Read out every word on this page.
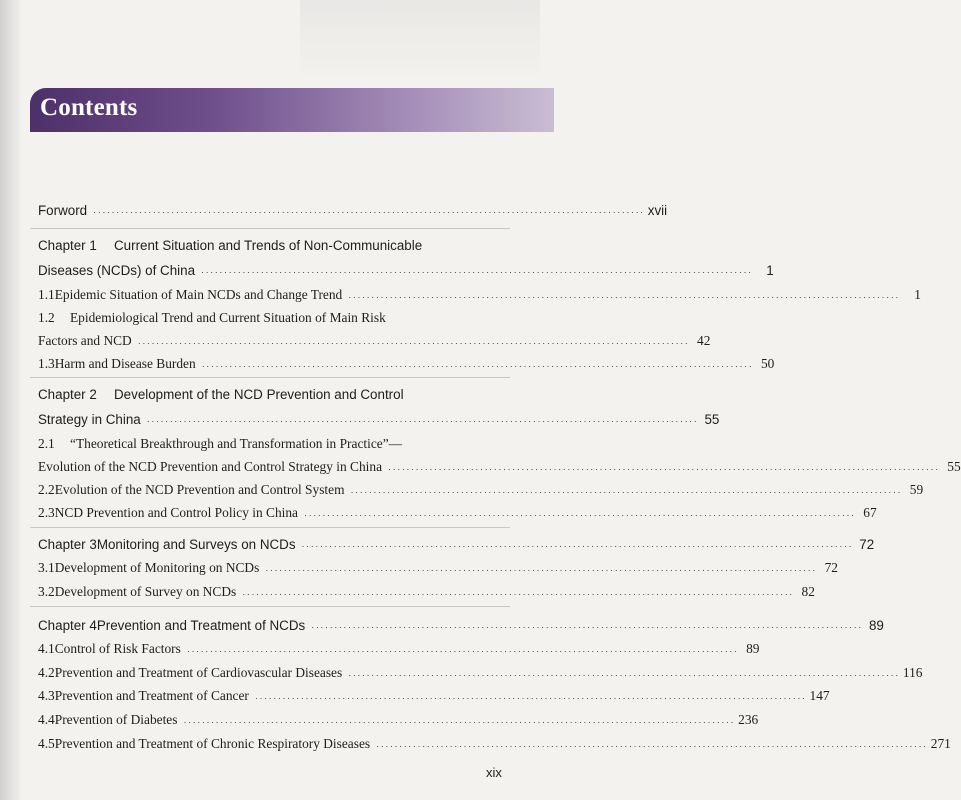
Contents
Forword ························································································································ xvii
Chapter 1	Current Situation and Trends of Non-Communicable
Diseases (NCDs) of China ························································································································	1
1.1 Epidemic Situation of Main NCDs and Change Trend ························································································································	1
1.2	Epidemiological Trend and Current Situation of Main Risk
Factors and NCD ························································································································ 42
1.3 Harm and Disease Burden ························································································································ 50
Chapter 2	Development of the NCD Prevention and Control
Strategy in China ························································································································ 55
2.1	“Theoretical Breakthrough and Transformation in Practice”—
Evolution of the NCD Prevention and Control Strategy in China ························································································································ 55
2.2 Evolution of the NCD Prevention and Control System ························································································································ 59
2.3 NCD Prevention and Control Policy in China ························································································································ 67
Chapter 3 Monitoring and Surveys on NCDs ························································································································ 72
3.1 Development of Monitoring on NCDs ························································································································ 72
3.2 Development of Survey on NCDs ························································································································ 82
Chapter 4 Prevention and Treatment of NCDs ························································································································ 89
4.1 Control of Risk Factors ························································································································ 89
4.2 Prevention and Treatment of Cardiovascular Diseases ························································································································ 116
4.3 Prevention and Treatment of Cancer ························································································································ 147
4.4 Prevention of Diabetes ························································································································ 236
4.5 Prevention and Treatment of Chronic Respiratory Diseases ························································································································ 271
xix
